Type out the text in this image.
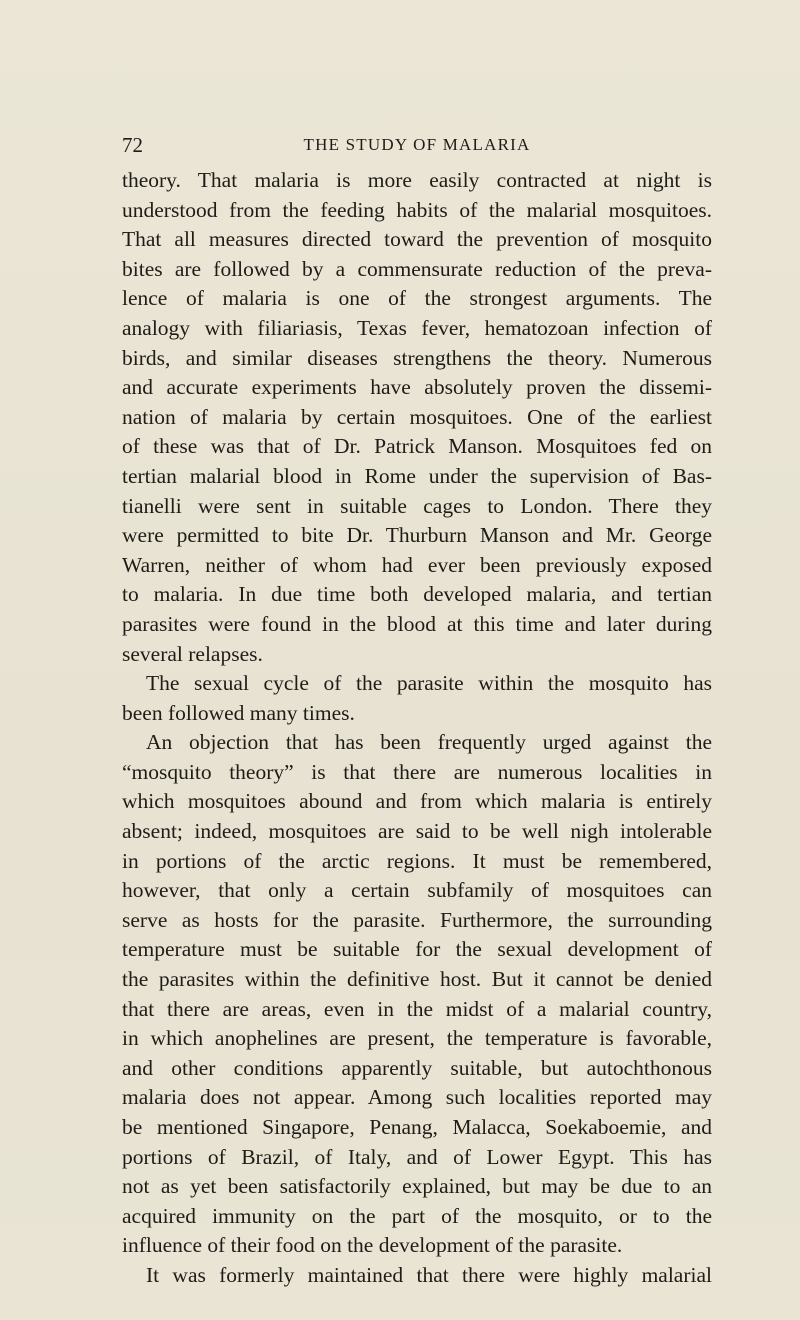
72	THE STUDY OF MALARIA
theory. That malaria is more easily contracted at night is
understood from the feeding habits of the malarial mosquitoes.
That all measures directed toward the prevention of mosquito
bites are followed by a commensurate reduction of the preva-
lence of malaria is one of the strongest arguments. The
analogy with filiariasis, Texas fever, hematozoan infection of
birds, and similar diseases strengthens the theory. Numerous
and accurate experiments have absolutely proven the dissemi-
nation of malaria by certain mosquitoes. One of the earliest
of these was that of Dr. Patrick Manson. Mosquitoes fed on
tertian malarial blood in Rome under the supervision of Bas-
tianelli were sent in suitable cages to London. There they
were permitted to bite Dr. Thurburn Manson and Mr. George
Warren, neither of whom had ever been previously exposed
to malaria. In due time both developed malaria, and tertian
parasites were found in the blood at this time and later during
several relapses.
The sexual cycle of the parasite within the mosquito has
been followed many times.
An objection that has been frequently urged against the
“mosquito theory” is that there are numerous localities in
which mosquitoes abound and from which malaria is entirely
absent; indeed, mosquitoes are said to be well nigh intolerable
in portions of the arctic regions. It must be remembered,
however, that only a certain subfamily of mosquitoes can
serve as hosts for the parasite. Furthermore, the surrounding
temperature must be suitable for the sexual development of
the parasites within the definitive host. But it cannot be denied
that there are areas, even in the midst of a malarial country,
in which anophelines are present, the temperature is favorable,
and other conditions apparently suitable, but autochthonous
malaria does not appear. Among such localities reported may
be mentioned Singapore, Penang, Malacca, Soekaboemie, and
portions of Brazil, of Italy, and of Lower Egypt. This has
not as yet been satisfactorily explained, but may be due to an
acquired immunity on the part of the mosquito, or to the
influence of their food on the development of the parasite.
It was formerly maintained that there were highly malarial
